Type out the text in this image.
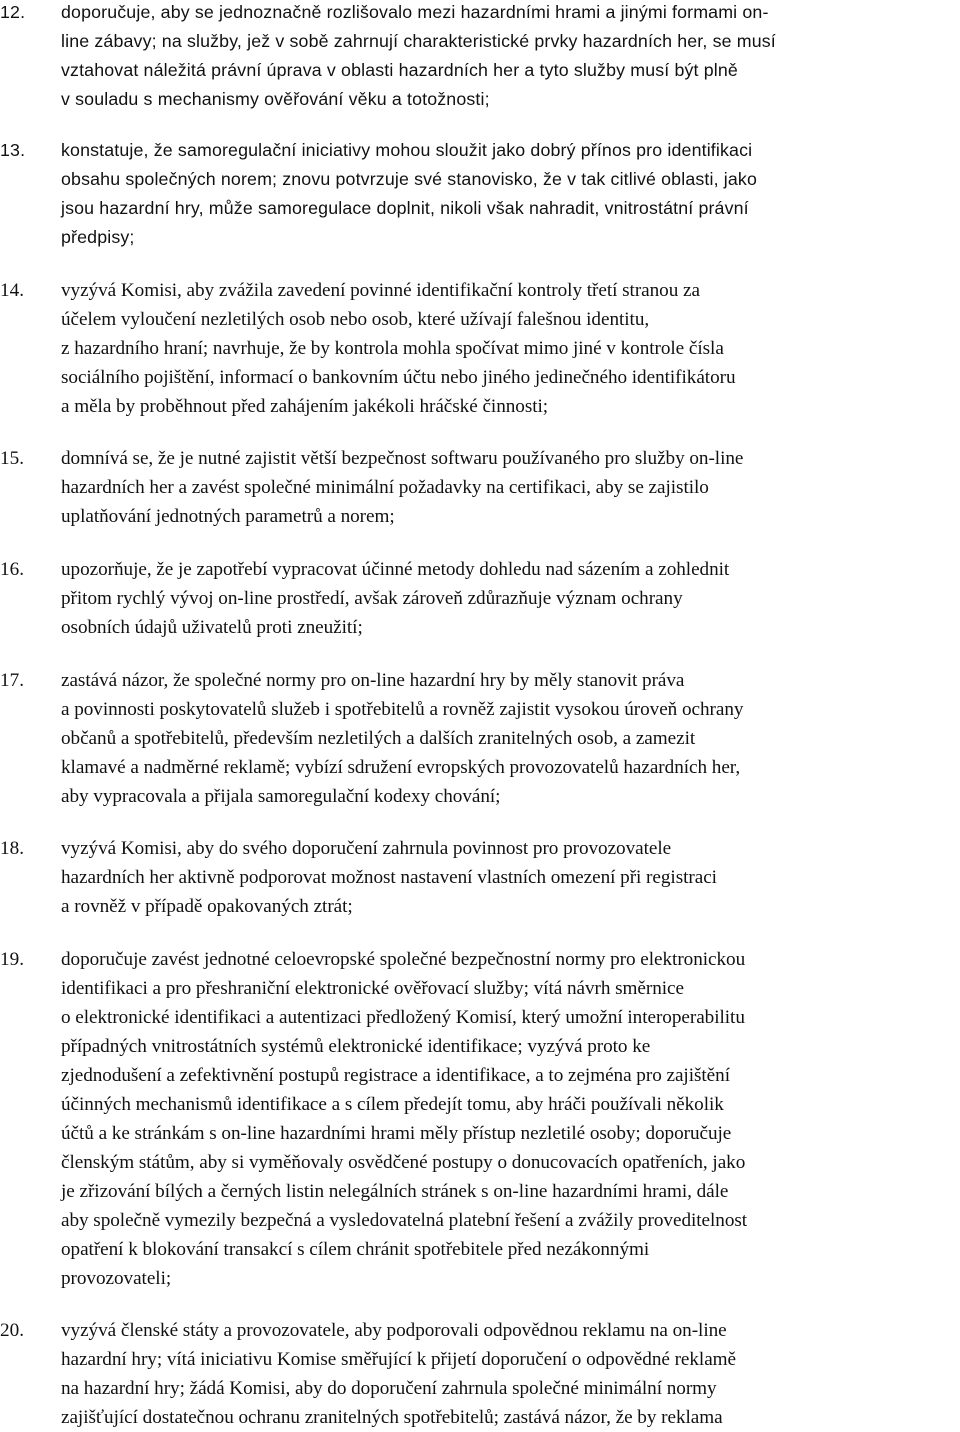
12.	doporučuje, aby se jednoznačně rozlišovalo mezi hazardními hrami a jinými formami on-
line zábavy; na služby, jež v sobě zahrnují charakteristické prvky hazardních her, se musí
vztahovat náležitá právní úprava v oblasti hazardních her a tyto služby musí být plně
v souladu s mechanismy ověřování věku a totožnosti;
13.	konstatuje, že samoregulační iniciativy mohou sloužit jako dobrý přínos pro identifikaci
obsahu společných norem; znovu potvrzuje své stanovisko, že v tak citlivé oblasti, jako
jsou hazardní hry, může samoregulace doplnit, nikoli však nahradit, vnitrostátní právní
předpisy;
14.	vyzývá Komisi, aby zvážila zavedení povinné identifikační kontroly třetí stranou za
účelem vyloučení nezletilých osob nebo osob, které užívají falešnou identitu,
z hazardního hraní; navrhuje, že by kontrola mohla spočívat mimo jiné v kontrole čísla
sociálního pojištění, informací o bankovním účtu nebo jiného jedinečného identifikátoru
a měla by proběhnout před zahájením jakékoli hráčské činnosti;
15.	domnívá se, že je nutné zajistit větší bezpečnost softwaru používaného pro služby on-line
hazardních her a zavést společné minimální požadavky na certifikaci, aby se zajistilo
uplatňování jednotných parametrů a norem;
16.	upozorňuje, že je zapotřebí vypracovat účinné metody dohledu nad sázením a zohlednit
přitom rychlý vývoj on-line prostředí, avšak zároveň zdůrazňuje význam ochrany
osobních údajů uživatelů proti zneužití;
17.	zastává názor, že společné normy pro on-line hazardní hry by měly stanovit práva
a povinnosti poskytovatelů služeb i spotřebitelů a rovněž zajistit vysokou úroveň ochrany
občanů a spotřebitelů, především nezletilých a dalších zranitelných osob, a zamezit
klamavé a nadměrné reklamě; vybízí sdružení evropských provozovatelů hazardních her,
aby vypracovala a přijala samoregulační kodexy chování;
18.	vyzývá Komisi, aby do svého doporučení zahrnula povinnost pro provozovatele
hazardních her aktivně podporovat možnost nastavení vlastních omezení při registraci
a rovněž v případě opakovaných ztrát;
19.	doporučuje zavést jednotné celoevropské společné bezpečnostní normy pro elektronickou
identifikaci a pro přeshraniční elektronické ověřovací služby; vítá návrh směrnice
o elektronické identifikaci a autentizaci předložený Komisí, který umožní interoperabilitu
případných vnitrostátních systémů elektronické identifikace; vyzývá proto ke
zjednodušení a zefektivnění postupů registrace a identifikace, a to zejména pro zajištění
účinných mechanismů identifikace a s cílem předejít tomu, aby hráči používali několik
účtů a ke stránkám s on-line hazardními hrami měly přístup nezletilé osoby; doporučuje
členským státům, aby si vyměňovaly osvědčené postupy o donucovacích opatřeních, jako
je zřizování bílých a černých listin nelegálních stránek s on-line hazardními hrami, dále
aby společně vymezily bezpečná a vysledovatelná platební řešení a zvážily proveditelnost
opatření k blokování transakcí s cílem chránit spotřebitele před nezákonnými
provozovateli;
20.	vyzývá členské státy a provozovatele, aby podporovali odpovědnou reklamu na on-line
hazardní hry; vítá iniciativu Komise směřující k přijetí doporučení o odpovědné reklamě
na hazardní hry; žádá Komisi, aby do doporučení zahrnula společné minimální normy
zajišťující dostatečnou ochranu zranitelných spotřebitelů; zastává názor, že by reklama
